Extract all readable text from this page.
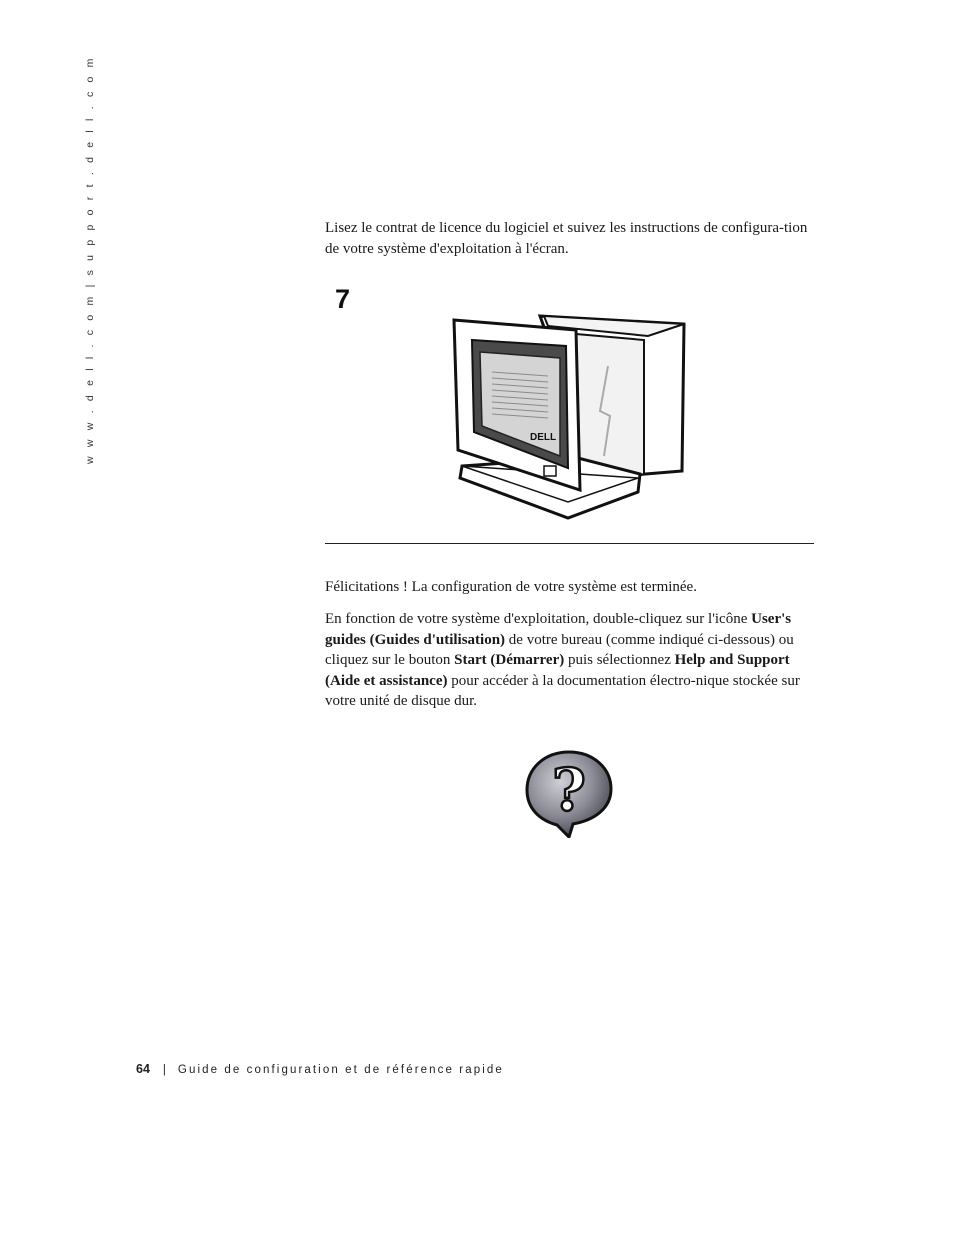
w w w . d e l l . c o m | s u p p o r t . d e l l . c o m	Lisez le contrat de licence du logiciel et suivez les instructions de configura-tion de votre système d'exploitation à l'écran.

7
DELL

Félicitations ! La configuration de votre système est terminée.

En fonction de votre système d'exploitation, double-cliquez sur l'icône User's guides (Guides d'utilisation) de votre bureau (comme indiqué ci-dessous) ou cliquez sur le bouton Start (Démarrer) puis sélectionnez Help and Support (Aide et assistance) pour accéder à la documentation électro-nique stockée sur votre unité de disque dur.

?
64 | Guide de configuration et de référence rapide
